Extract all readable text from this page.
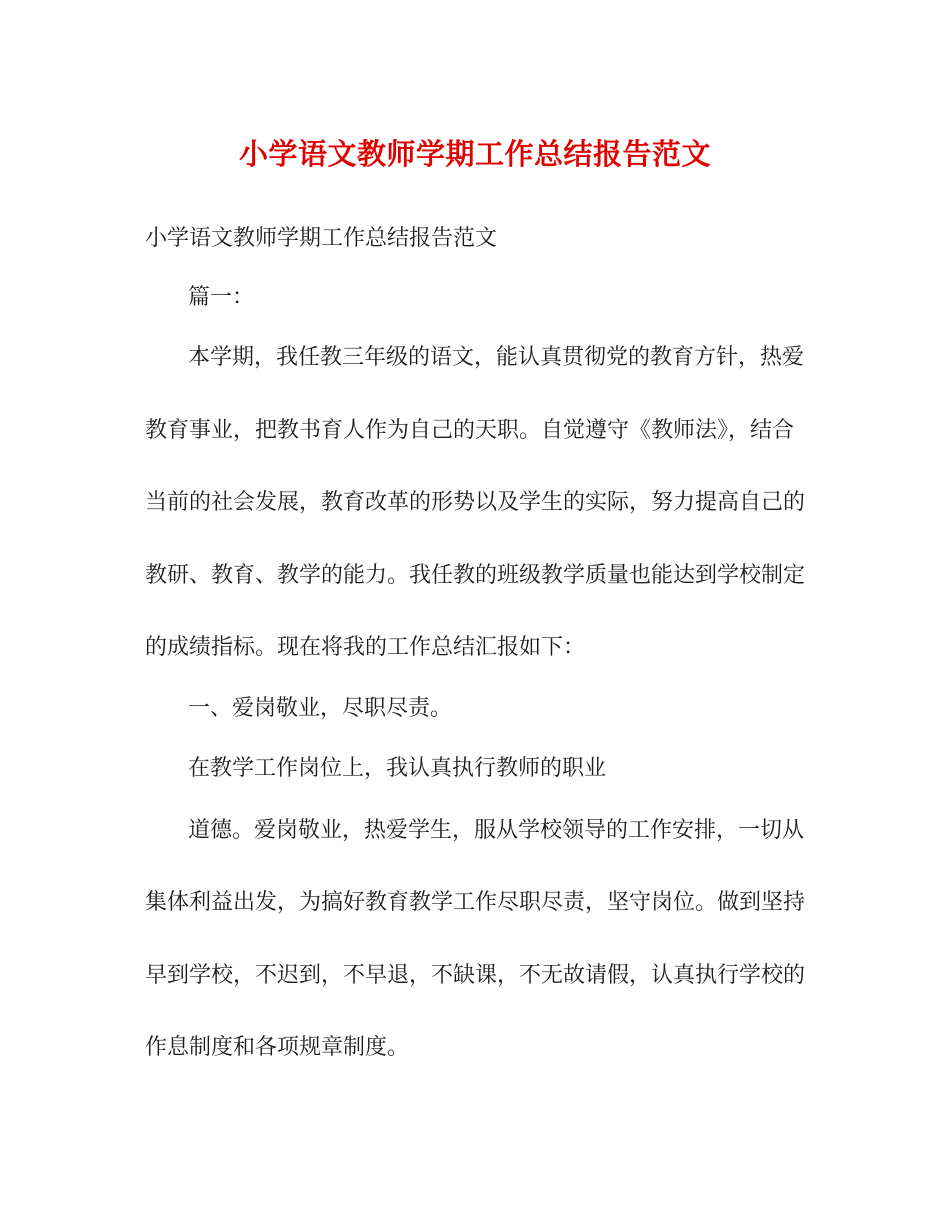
小学语文教师学期工作总结报告范文
小学语文教师学期工作总结报告范文
篇一：
本学期，我任教三年级的语文，能认真贯彻党的教育方针，热爱
教育事业，把教书育人作为自己的天职。自觉遵守《教师法》，结合
当前的社会发展，教育改革的形势以及学生的实际，努力提高自己的
教研、教育、教学的能力。我任教的班级教学质量也能达到学校制定
的成绩指标。现在将我的工作总结汇报如下：
一、爱岗敬业，尽职尽责。
在教学工作岗位上，我认真执行教师的职业
道德。爱岗敬业，热爱学生，服从学校领导的工作安排，一切从
集体利益出发，为搞好教育教学工作尽职尽责，坚守岗位。做到坚持
早到学校，不迟到，不早退，不缺课，不无故请假，认真执行学校的
作息制度和各项规章制度。
